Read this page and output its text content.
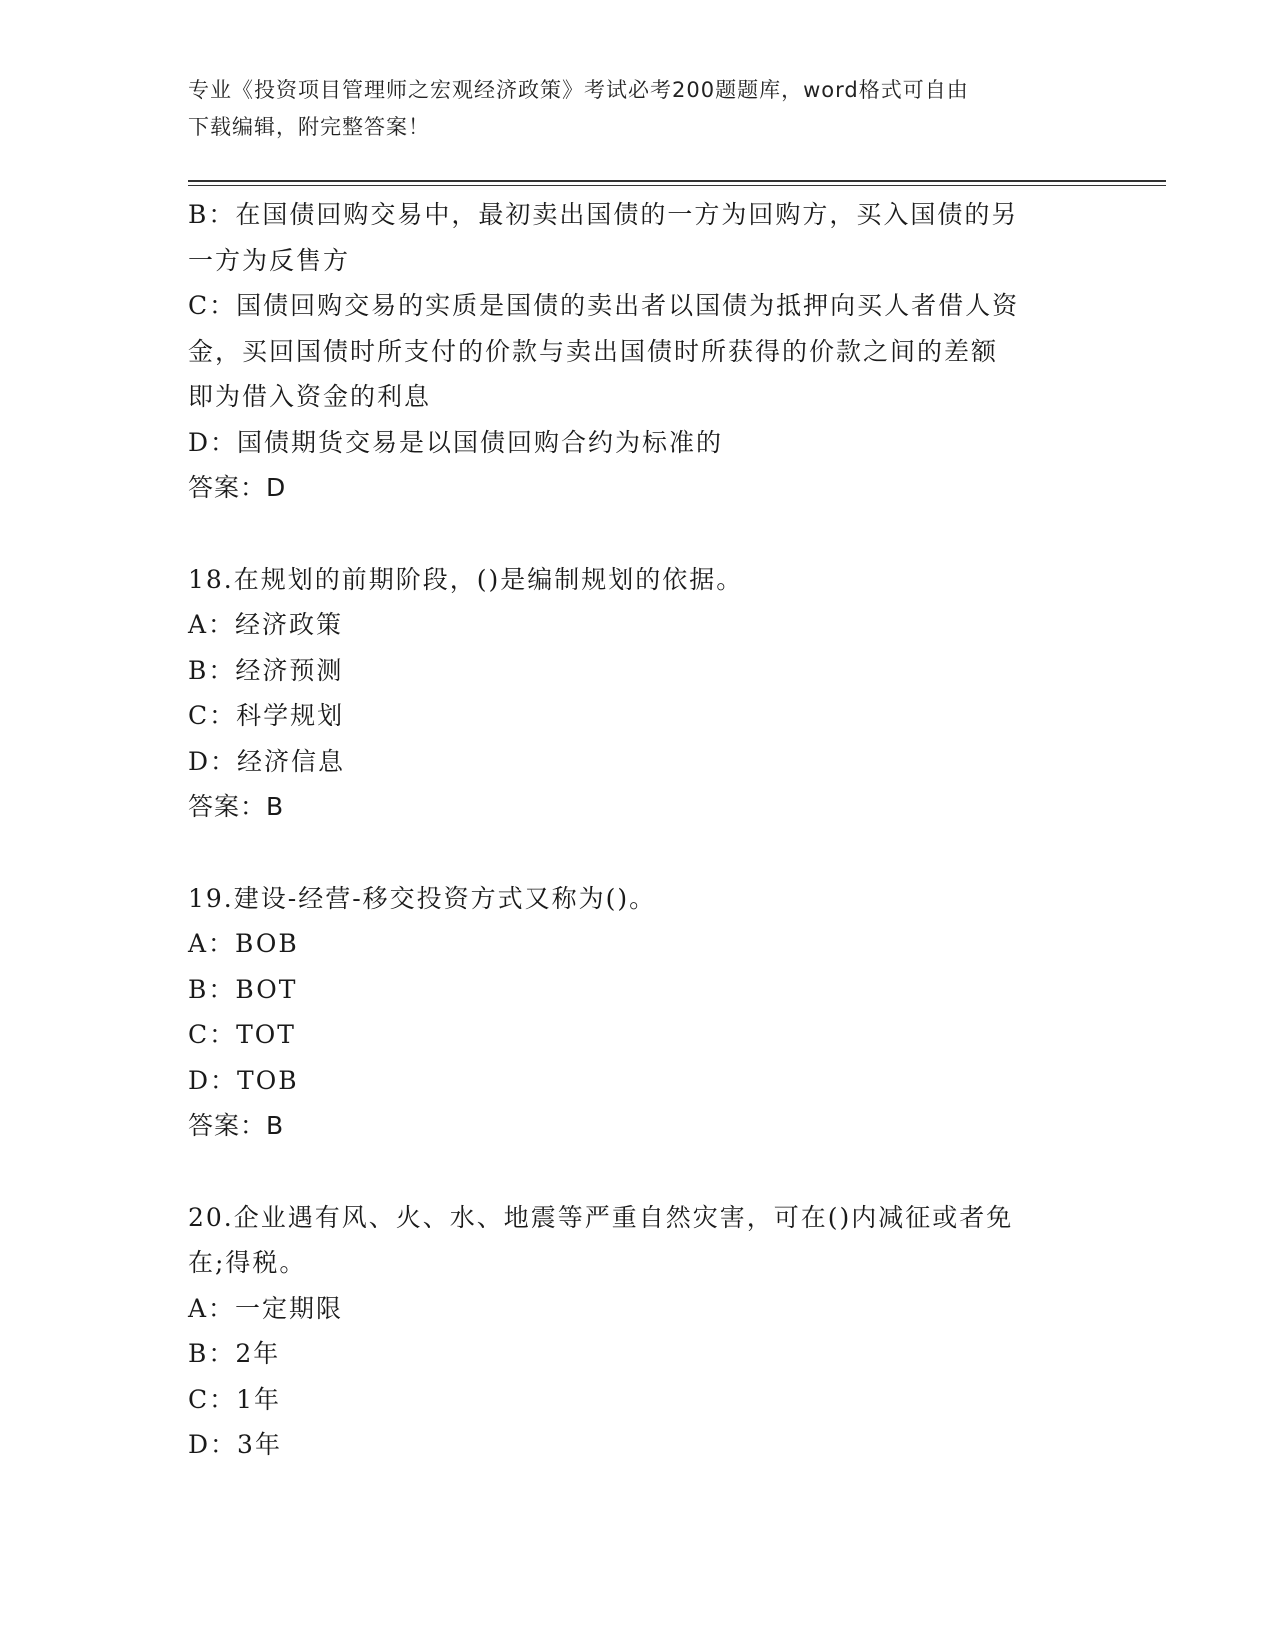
专业《投资项目管理师之宏观经济政策》考试必考200题题库，word格式可自由

下载编辑，附完整答案！

B：在国债回购交易中，最初卖出国债的一方为回购方，买入国债的另

一方为反售方

C：国债回购交易的实质是国债的卖出者以国债为抵押向买人者借人资

金，买回国债时所支付的价款与卖出国债时所获得的价款之间的差额

即为借入资金的利息

D：国债期货交易是以国债回购合约为标准的

答案：D

18.在规划的前期阶段，()是编制规划的依据。

A：经济政策

B：经济预测

C：科学规划

D：经济信息

答案：B

19.建设-经营-移交投资方式又称为()。

A：BOB

B：BOT

C：TOT

D：TOB

答案：B

20.企业遇有风、火、水、地震等严重自然灾害，可在()内减征或者免

在;得税。

A：一定期限

B：2年

C：1年

D：3年
